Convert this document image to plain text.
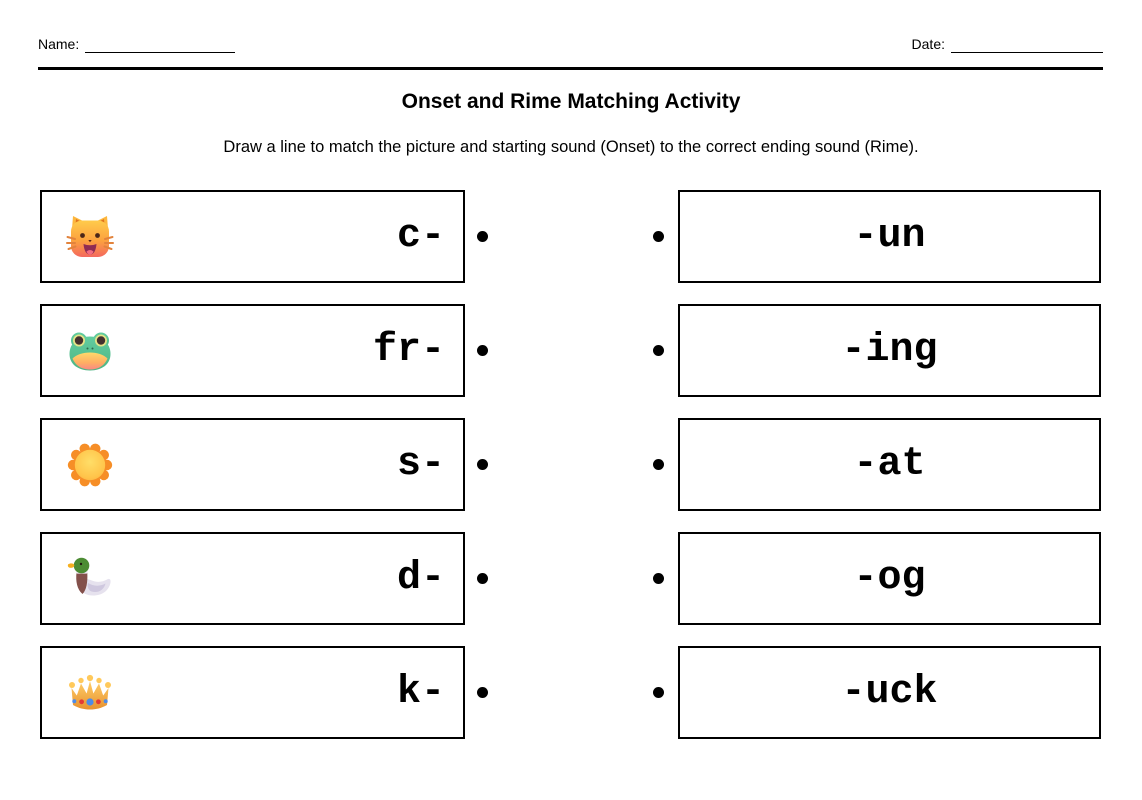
Name:	Date:
Onset and Rime Matching Activity

Draw a line to match the picture and starting sound (Onset) to the correct ending sound (Rime).

c-	-un
fr-	-ing
s-	-at
d-	-og
k-	-uck
